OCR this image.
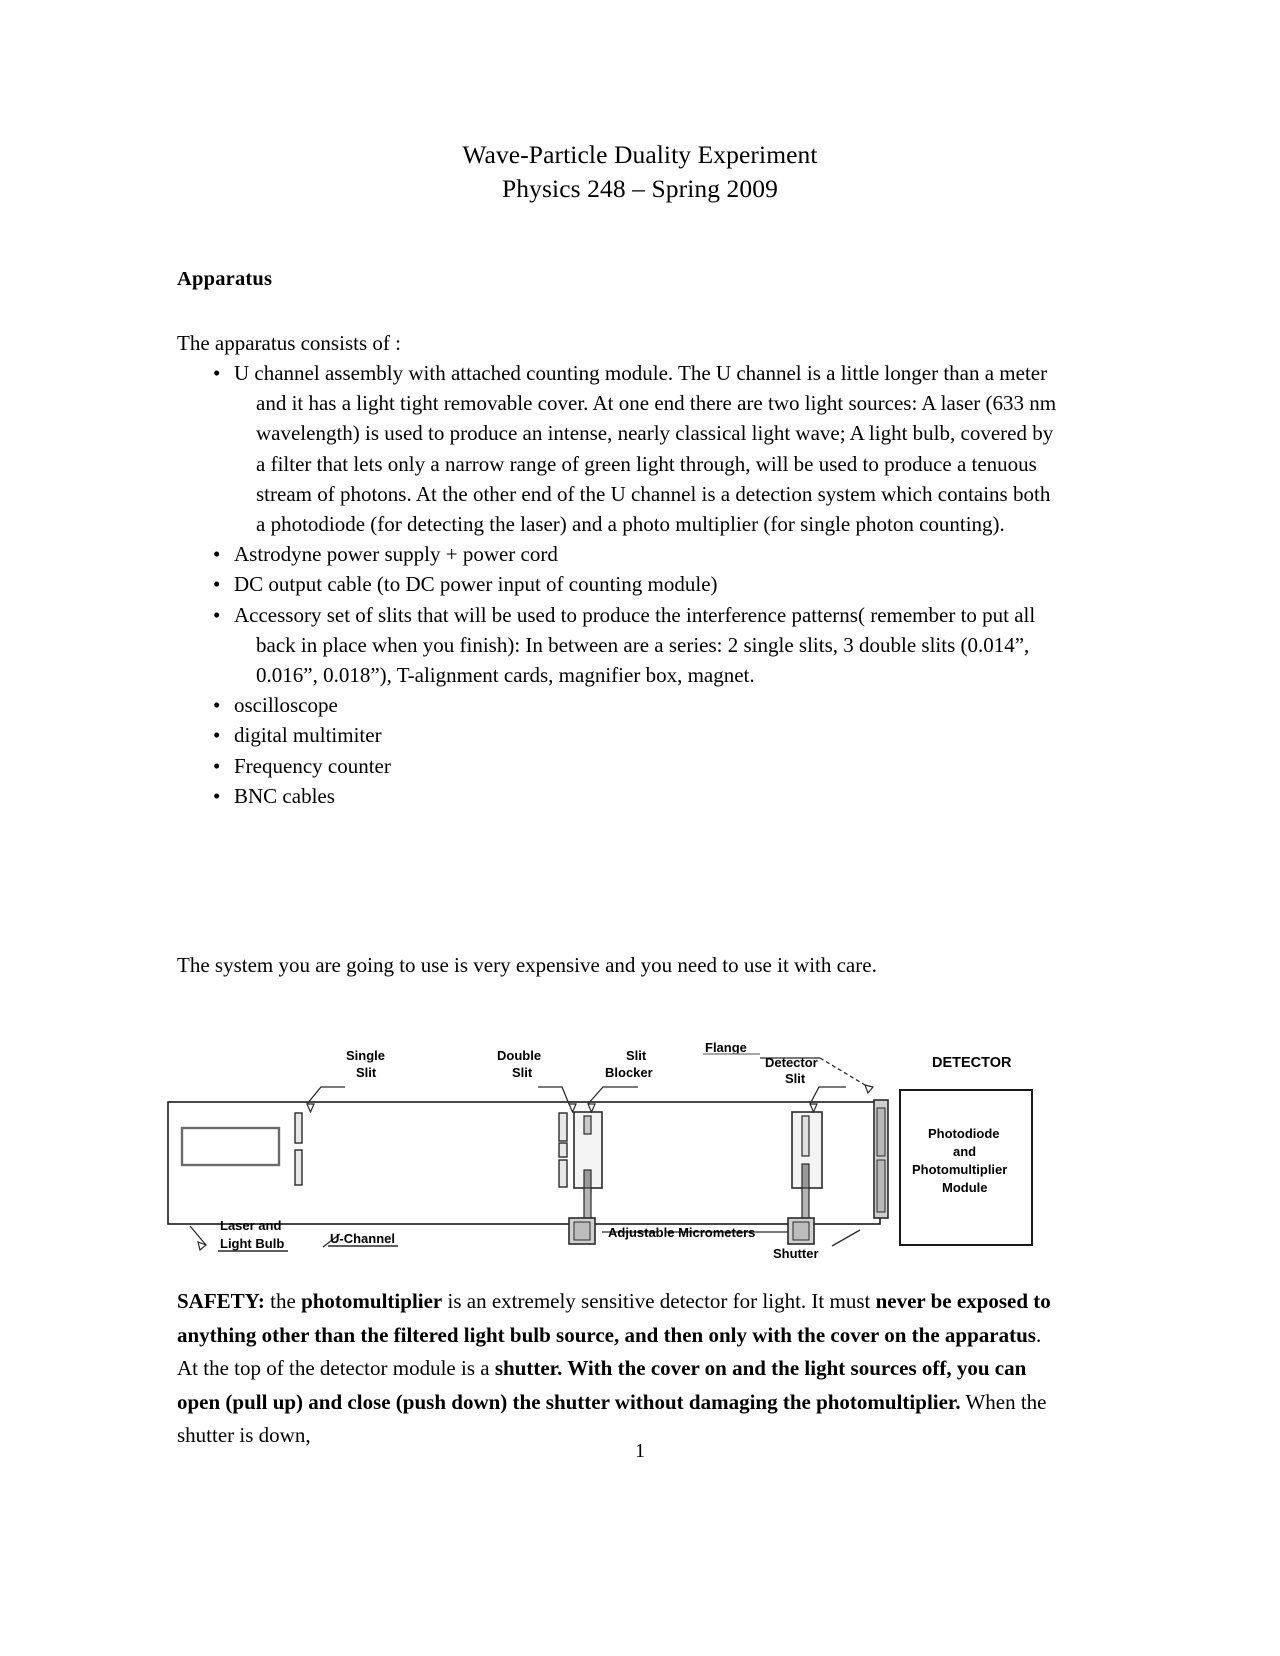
Wave-Particle Duality Experiment
Physics 248 – Spring 2009
Apparatus
The apparatus consists of :
• U channel assembly with attached counting module. The U channel is a little longer than a meter and it has a light tight removable cover. At one end there are two light sources: A laser (633 nm wavelength) is used to produce an intense, nearly classical light wave; A light bulb, covered by a filter that lets only a narrow range of green light through, will be used to produce a tenuous stream of photons. At the other end of the U channel is a detection system which contains both a photodiode (for detecting the laser) and a photo multiplier (for single photon counting).
• Astrodyne power supply + power cord
• DC output cable (to DC power input of counting module)
• Accessory set of slits that will be used to produce the interference patterns( remember to put all back in place when you finish): In between are a series: 2 single slits, 3 double slits (0.014”, 0.016”, 0.018”), T-alignment cards, magnifier box, magnet.
• oscilloscope
• digital multimiter
• Frequency counter
• BNC cables
The system you are going to use is very expensive and you need to use it with care.
Single
Slit
Double
Slit
Slit
Blocker
Flange
Detector
Slit
DETECTOR
Photodiode
and
Photomultiplier
Module
Laser and
Light Bulb	U-Channel	Adjustable Micrometers
Shutter

SAFETY: the photomultiplier is an extremely sensitive detector for light. It must never be exposed to anything other than the filtered light bulb source, and then only with the cover on the apparatus. At the top of the detector module is a shutter. With the cover on and the light sources off, you can open (pull up) and close (push down) the shutter without damaging the photomultiplier. When the shutter is down,

1
